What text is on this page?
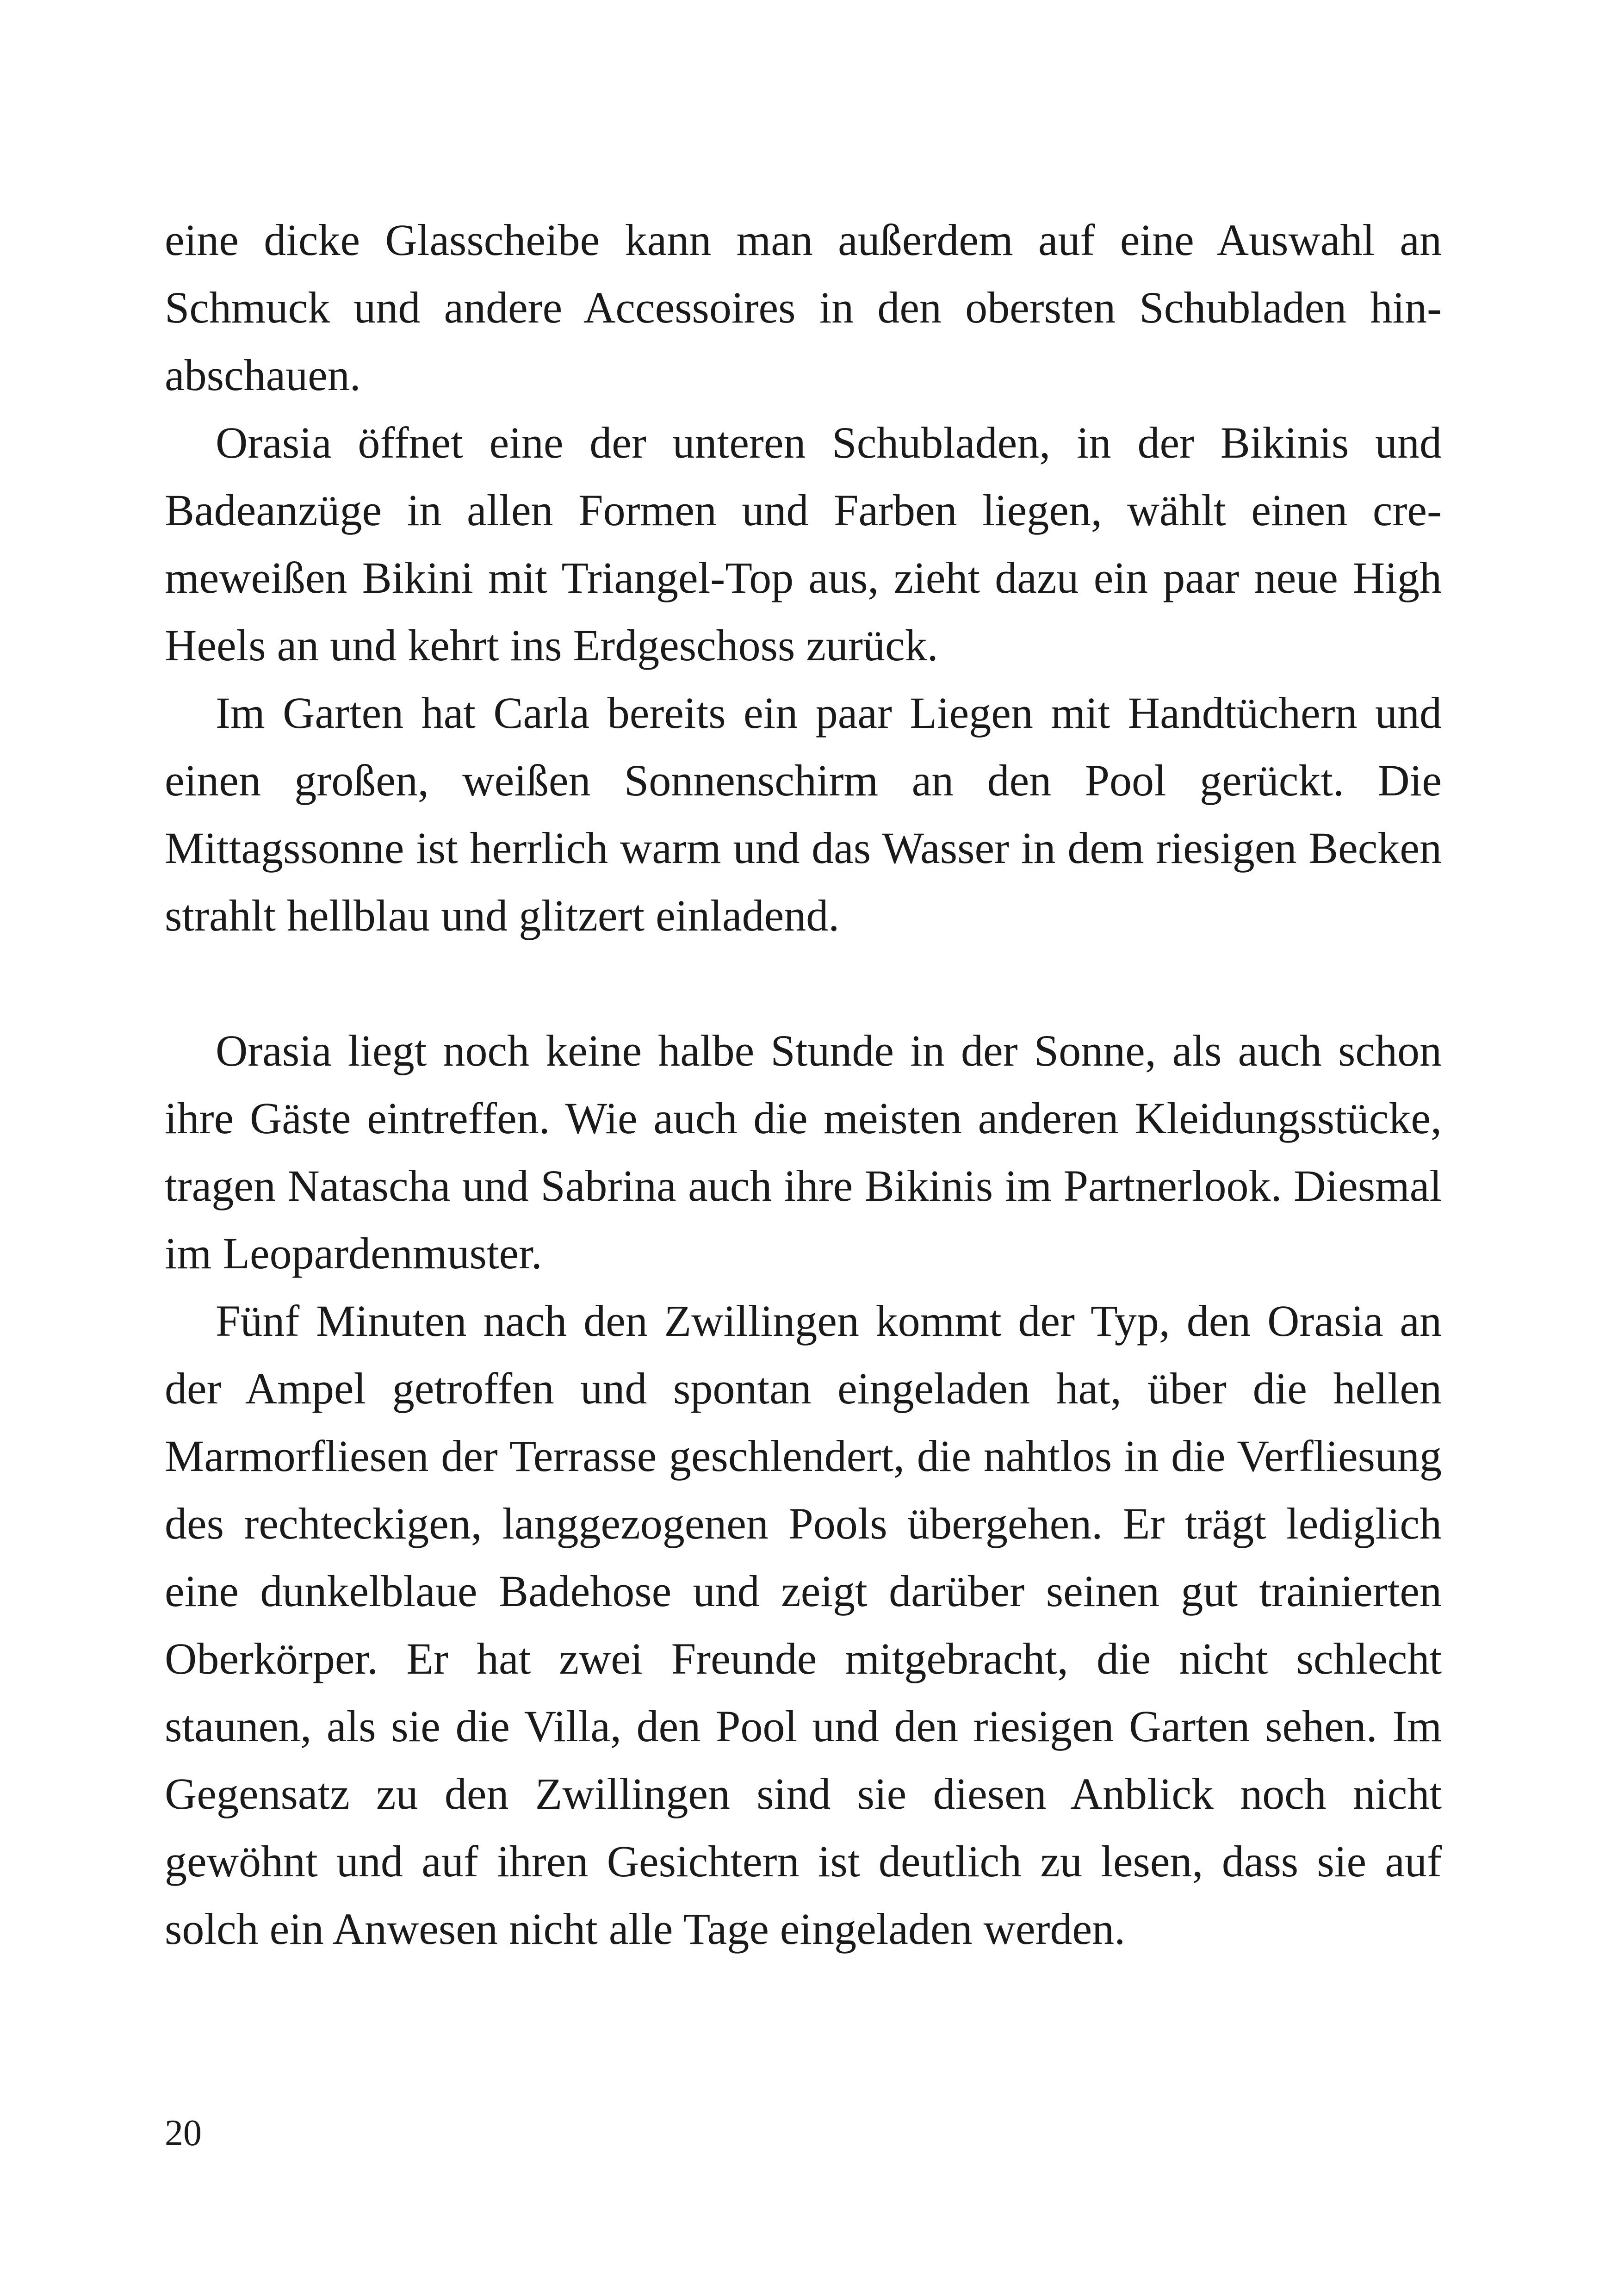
eine dicke Glasscheibe kann man außerdem auf eine Auswahl an Schmuck und andere Accessoires in den obersten Schubladen hinabschauen.

Orasia öffnet eine der unteren Schubladen, in der Bikinis und Badeanzüge in allen Formen und Farben liegen, wählt einen cremeweißen Bikini mit Triangel-Top aus, zieht dazu ein paar neue High Heels an und kehrt ins Erdgeschoss zurück.

Im Garten hat Carla bereits ein paar Liegen mit Handtüchern und einen großen, weißen Sonnenschirm an den Pool gerückt. Die Mittagssonne ist herrlich warm und das Wasser in dem riesigen Becken strahlt hellblau und glitzert einladend.

Orasia liegt noch keine halbe Stunde in der Sonne, als auch schon ihre Gäste eintreffen. Wie auch die meisten anderen Kleidungsstücke, tragen Natascha und Sabrina auch ihre Bikinis im Partnerlook. Diesmal im Leopardenmuster.

Fünf Minuten nach den Zwillingen kommt der Typ, den Orasia an der Ampel getroffen und spontan eingeladen hat, über die hellen Marmorfliesen der Terrasse geschlendert, die nahtlos in die Verfliesung des rechteckigen, langgezogenen Pools übergehen. Er trägt lediglich eine dunkelblaue Badehose und zeigt darüber seinen gut trainierten Oberkörper. Er hat zwei Freunde mitgebracht, die nicht schlecht staunen, als sie die Villa, den Pool und den riesigen Garten sehen. Im Gegensatz zu den Zwillingen sind sie diesen Anblick noch nicht gewöhnt und auf ihren Gesichtern ist deutlich zu lesen, dass sie auf solch ein Anwesen nicht alle Tage eingeladen werden.

20
